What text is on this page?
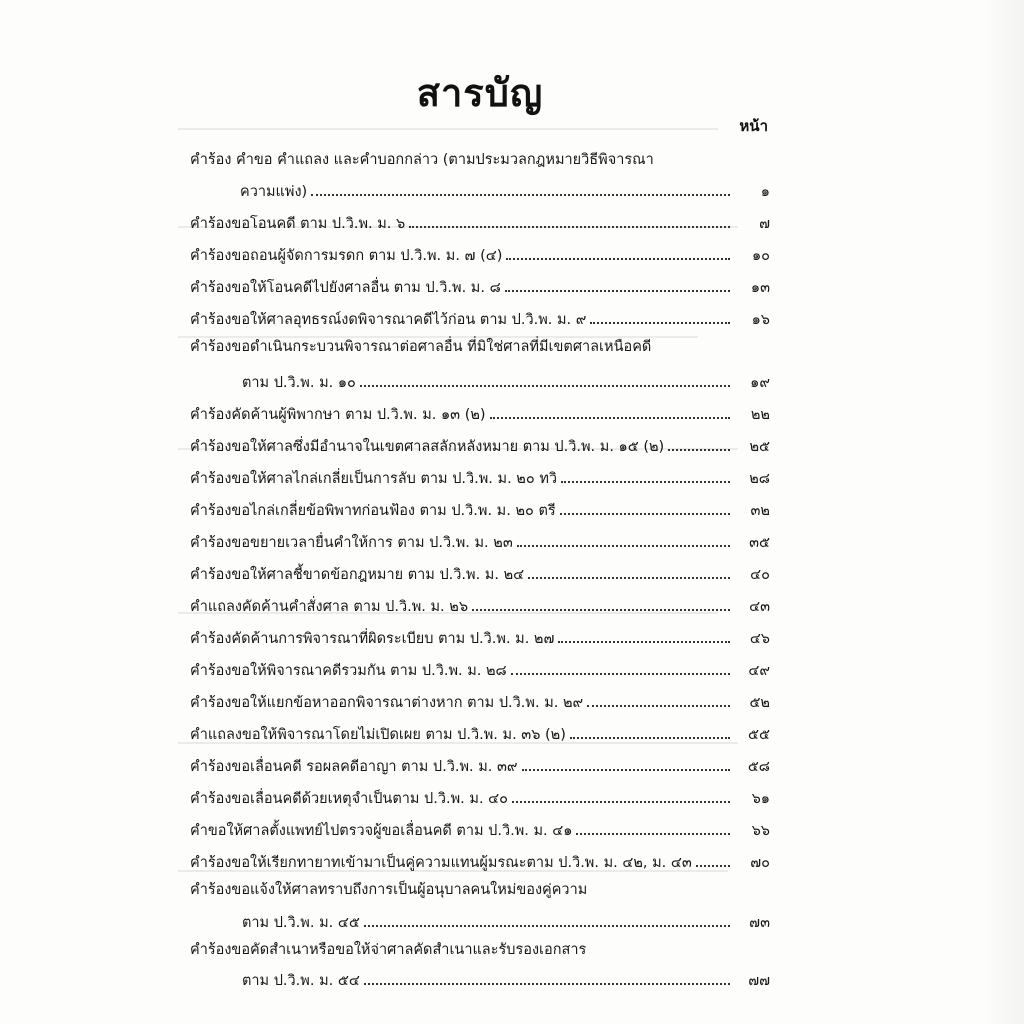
สารบัญ
หน้า
คำร้อง คำขอ คำแถลง และคำบอกกล่าว (ตามประมวลกฎหมายวิธีพิจารณา
ความแพ่ง)	๑
คำร้องขอโอนคดี ตาม ป.วิ.พ. ม. ๖	๗
คำร้องขอถอนผู้จัดการมรดก ตาม ป.วิ.พ. ม. ๗ (๔)	๑๐
คำร้องขอให้โอนคดีไปยังศาลอื่น ตาม ป.วิ.พ. ม. ๘	๑๓
คำร้องขอให้ศาลอุทธรณ์งดพิจารณาคดีไว้ก่อน ตาม ป.วิ.พ. ม. ๙	๑๖
คำร้องขอดำเนินกระบวนพิจารณาต่อศาลอื่น ที่มิใช่ศาลที่มีเขตศาลเหนือคดี
ตาม ป.วิ.พ. ม. ๑๐	๑๙
คำร้องคัดค้านผู้พิพากษา ตาม ป.วิ.พ. ม. ๑๓ (๒)	๒๒
คำร้องขอให้ศาลซึ่งมีอำนาจในเขตศาลสลักหลังหมาย ตาม ป.วิ.พ. ม. ๑๕ (๒)	๒๕
คำร้องขอให้ศาลไกล่เกลี่ยเป็นการลับ ตาม ป.วิ.พ. ม. ๒๐ ทวิ	๒๘
คำร้องขอไกล่เกลี่ยข้อพิพาทก่อนฟ้อง ตาม ป.วิ.พ. ม. ๒๐ ตรี	๓๒
คำร้องขอขยายเวลายื่นคำให้การ ตาม ป.วิ.พ. ม. ๒๓	๓๕
คำร้องขอให้ศาลชี้ขาดข้อกฎหมาย ตาม ป.วิ.พ. ม. ๒๔	๔๐
คำแถลงคัดค้านคำสั่งศาล ตาม ป.วิ.พ. ม. ๒๖	๔๓
คำร้องคัดค้านการพิจารณาที่ผิดระเบียบ ตาม ป.วิ.พ. ม. ๒๗	๔๖
คำร้องขอให้พิจารณาคดีรวมกัน ตาม ป.วิ.พ. ม. ๒๘	๔๙
คำร้องขอให้แยกข้อหาออกพิจารณาต่างหาก ตาม ป.วิ.พ. ม. ๒๙	๕๒
คำแถลงขอให้พิจารณาโดยไม่เปิดเผย ตาม ป.วิ.พ. ม. ๓๖ (๒)	๕๕
คำร้องขอเลื่อนคดี รอผลคดีอาญา ตาม ป.วิ.พ. ม. ๓๙	๕๘
คำร้องขอเลื่อนคดีด้วยเหตุจำเป็นตาม ป.วิ.พ. ม. ๔๐	๖๑
คำขอให้ศาลตั้งแพทย์ไปตรวจผู้ขอเลื่อนคดี ตาม ป.วิ.พ. ม. ๔๑	๖๖
คำร้องขอให้เรียกทายาทเข้ามาเป็นคู่ความแทนผู้มรณะตาม ป.วิ.พ. ม. ๔๒, ม. ๔๓	๗๐
คำร้องขอแจ้งให้ศาลทราบถึงการเป็นผู้อนุบาลคนใหม่ของคู่ความ
ตาม ป.วิ.พ. ม. ๔๕	๗๓
คำร้องขอคัดสำเนาหรือขอให้จ่าศาลคัดสำเนาและรับรองเอกสาร
ตาม ป.วิ.พ. ม. ๕๔	๗๗
